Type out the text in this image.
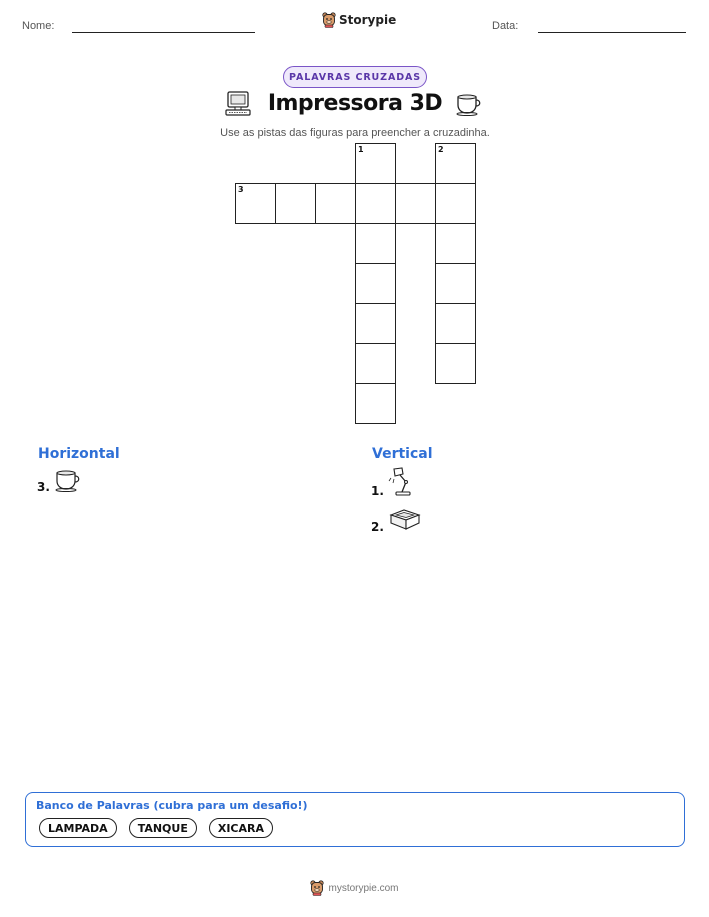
Nome:	Storypie	Data:
PALAVRAS CRUZADAS
Impressora 3D
Use as pistas das figuras para preencher a cruzadinha.
1	2
3
Horizontal	Vertical
3.	1.
2.
Banco de Palavras (cubra para um desafio!)
LAMPADA	TANQUE	XICARA
mystorypie.com
